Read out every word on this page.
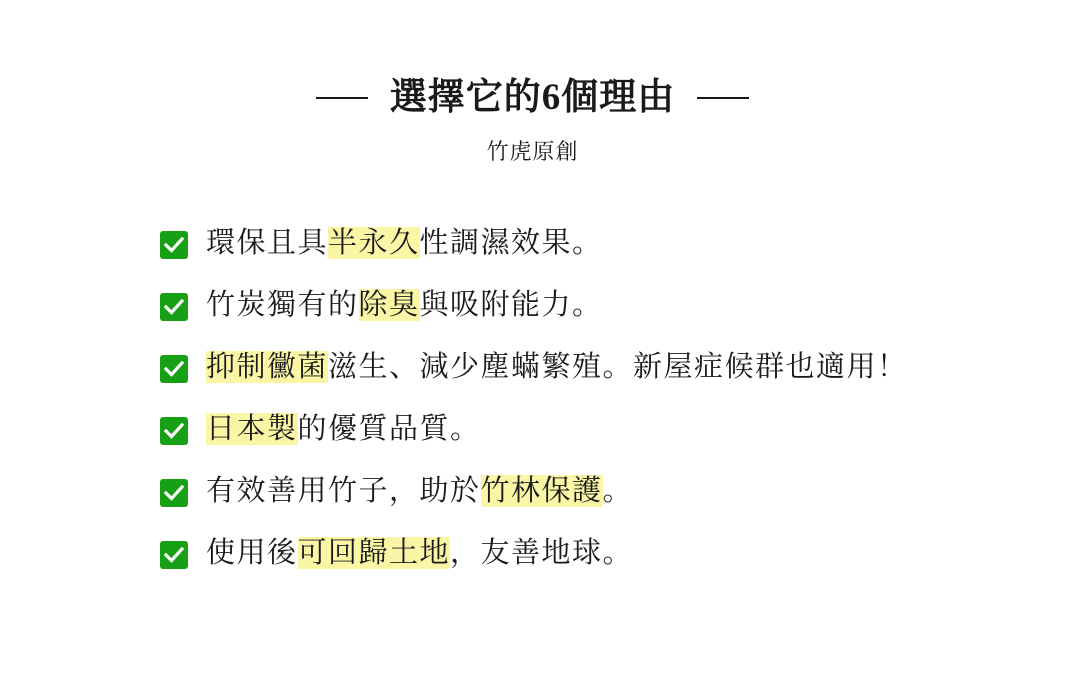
選擇它的6個理由
竹虎原創
環保且具半永久性調濕效果。
竹炭獨有的除臭與吸附能力。
抑制黴菌滋生、減少塵蟎繁殖。新屋症候群也適用！
日本製的優質品質。
有效善用竹子，助於竹林保護。
使用後可回歸土地，友善地球。
